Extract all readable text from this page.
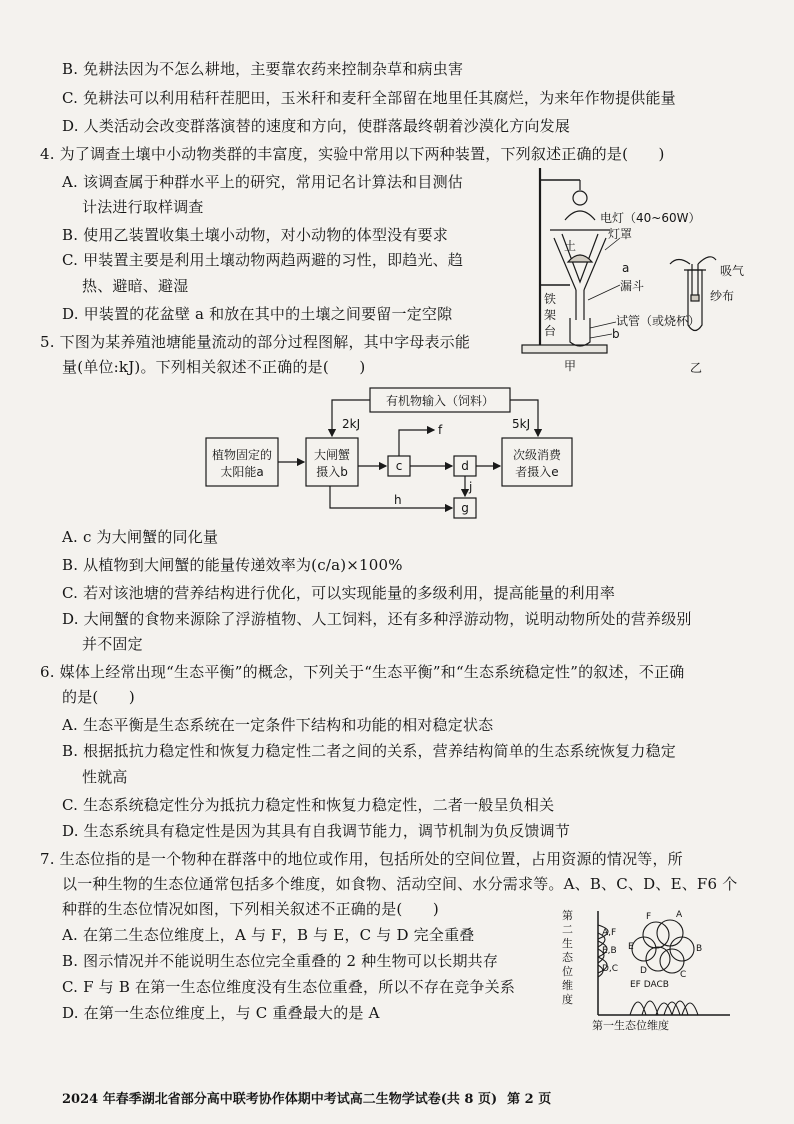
B. 免耕法因为不怎么耕地，主要靠农药来控制杂草和病虫害
C. 免耕法可以利用秸秆茬肥田，玉米秆和麦秆全部留在地里任其腐烂，为来年作物提供能量
D. 人类活动会改变群落演替的速度和方向，使群落最终朝着沙漠化方向发展
4. 为了调查土壤中小动物类群的丰富度，实验中常用以下两种装置，下列叙述正确的是(　　)
A. 该调查属于种群水平上的研究，常用记名计算法和目测估
计法进行取样调查
B. 使用乙装置收集土壤小动物，对小动物的体型没有要求
C. 甲装置主要是利用土壤动物两趋两避的习性，即趋光、趋
热、避暗、避湿
D. 甲装置的花盆壁 a 和放在其中的土壤之间要留一定空隙
电灯（40~60W）
灯罩
土
a
漏斗
铁
架
台
试管（或烧杯）
b
吸气
纱布
甲	乙
5. 下图为某养殖池塘能量流动的部分过程图解，其中字母表示能
量(单位:kJ)。下列相关叙述不正确的是(　　)
有机物输入（饲料）
2kJ	5kJ
植物固定的
太阳能a
大闸蟹
摄入b	c	d
g
f
h
j
次级消费
者摄入e
A. c 为大闸蟹的同化量
B. 从植物到大闸蟹的能量传递效率为(c/a)×100%
C. 若对该池塘的营养结构进行优化，可以实现能量的多级利用，提高能量的利用率
D. 大闸蟹的食物来源除了浮游植物、人工饲料，还有多种浮游动物，说明动物所处的营养级别
并不固定
6. 媒体上经常出现“生态平衡”的概念，下列关于“生态平衡”和“生态系统稳定性”的叙述，不正确
的是(　　)
A. 生态平衡是生态系统在一定条件下结构和功能的相对稳定状态
B. 根据抵抗力稳定性和恢复力稳定性二者之间的关系，营养结构简单的生态系统恢复力稳定
性就高
C. 生态系统稳定性分为抵抗力稳定性和恢复力稳定性，二者一般呈负相关
D. 生态系统具有稳定性是因为其具有自我调节能力，调节机制为负反馈调节
7. 生态位指的是一个物种在群落中的地位或作用，包括所处的空间位置，占用资源的情况等，所
以一种生物的生态位通常包括多个维度，如食物、活动空间、水分需求等。A、B、C、D、E、F6 个
种群的生态位情况如图，下列相关叙述不正确的是(　　)
A. 在第二生态位维度上，A 与 F，B 与 E，C 与 D 完全重叠
B. 图示情况并不能说明生态位完全重叠的 2 种生物可以长期共存
C. F 与 B 在第一生态位维度没有生态位重叠，所以不存在竞争关系
D. 在第一生态位维度上，与 C 重叠最大的是 A
第
二
生
态
位
维
度
A,F
E,B
D,C
F	A
E	B
D	C
EF DACB
第一生态位维度
2024 年春季湖北省部分高中联考协作体期中考试高二生物学试卷(共 8 页) 第 2 页
